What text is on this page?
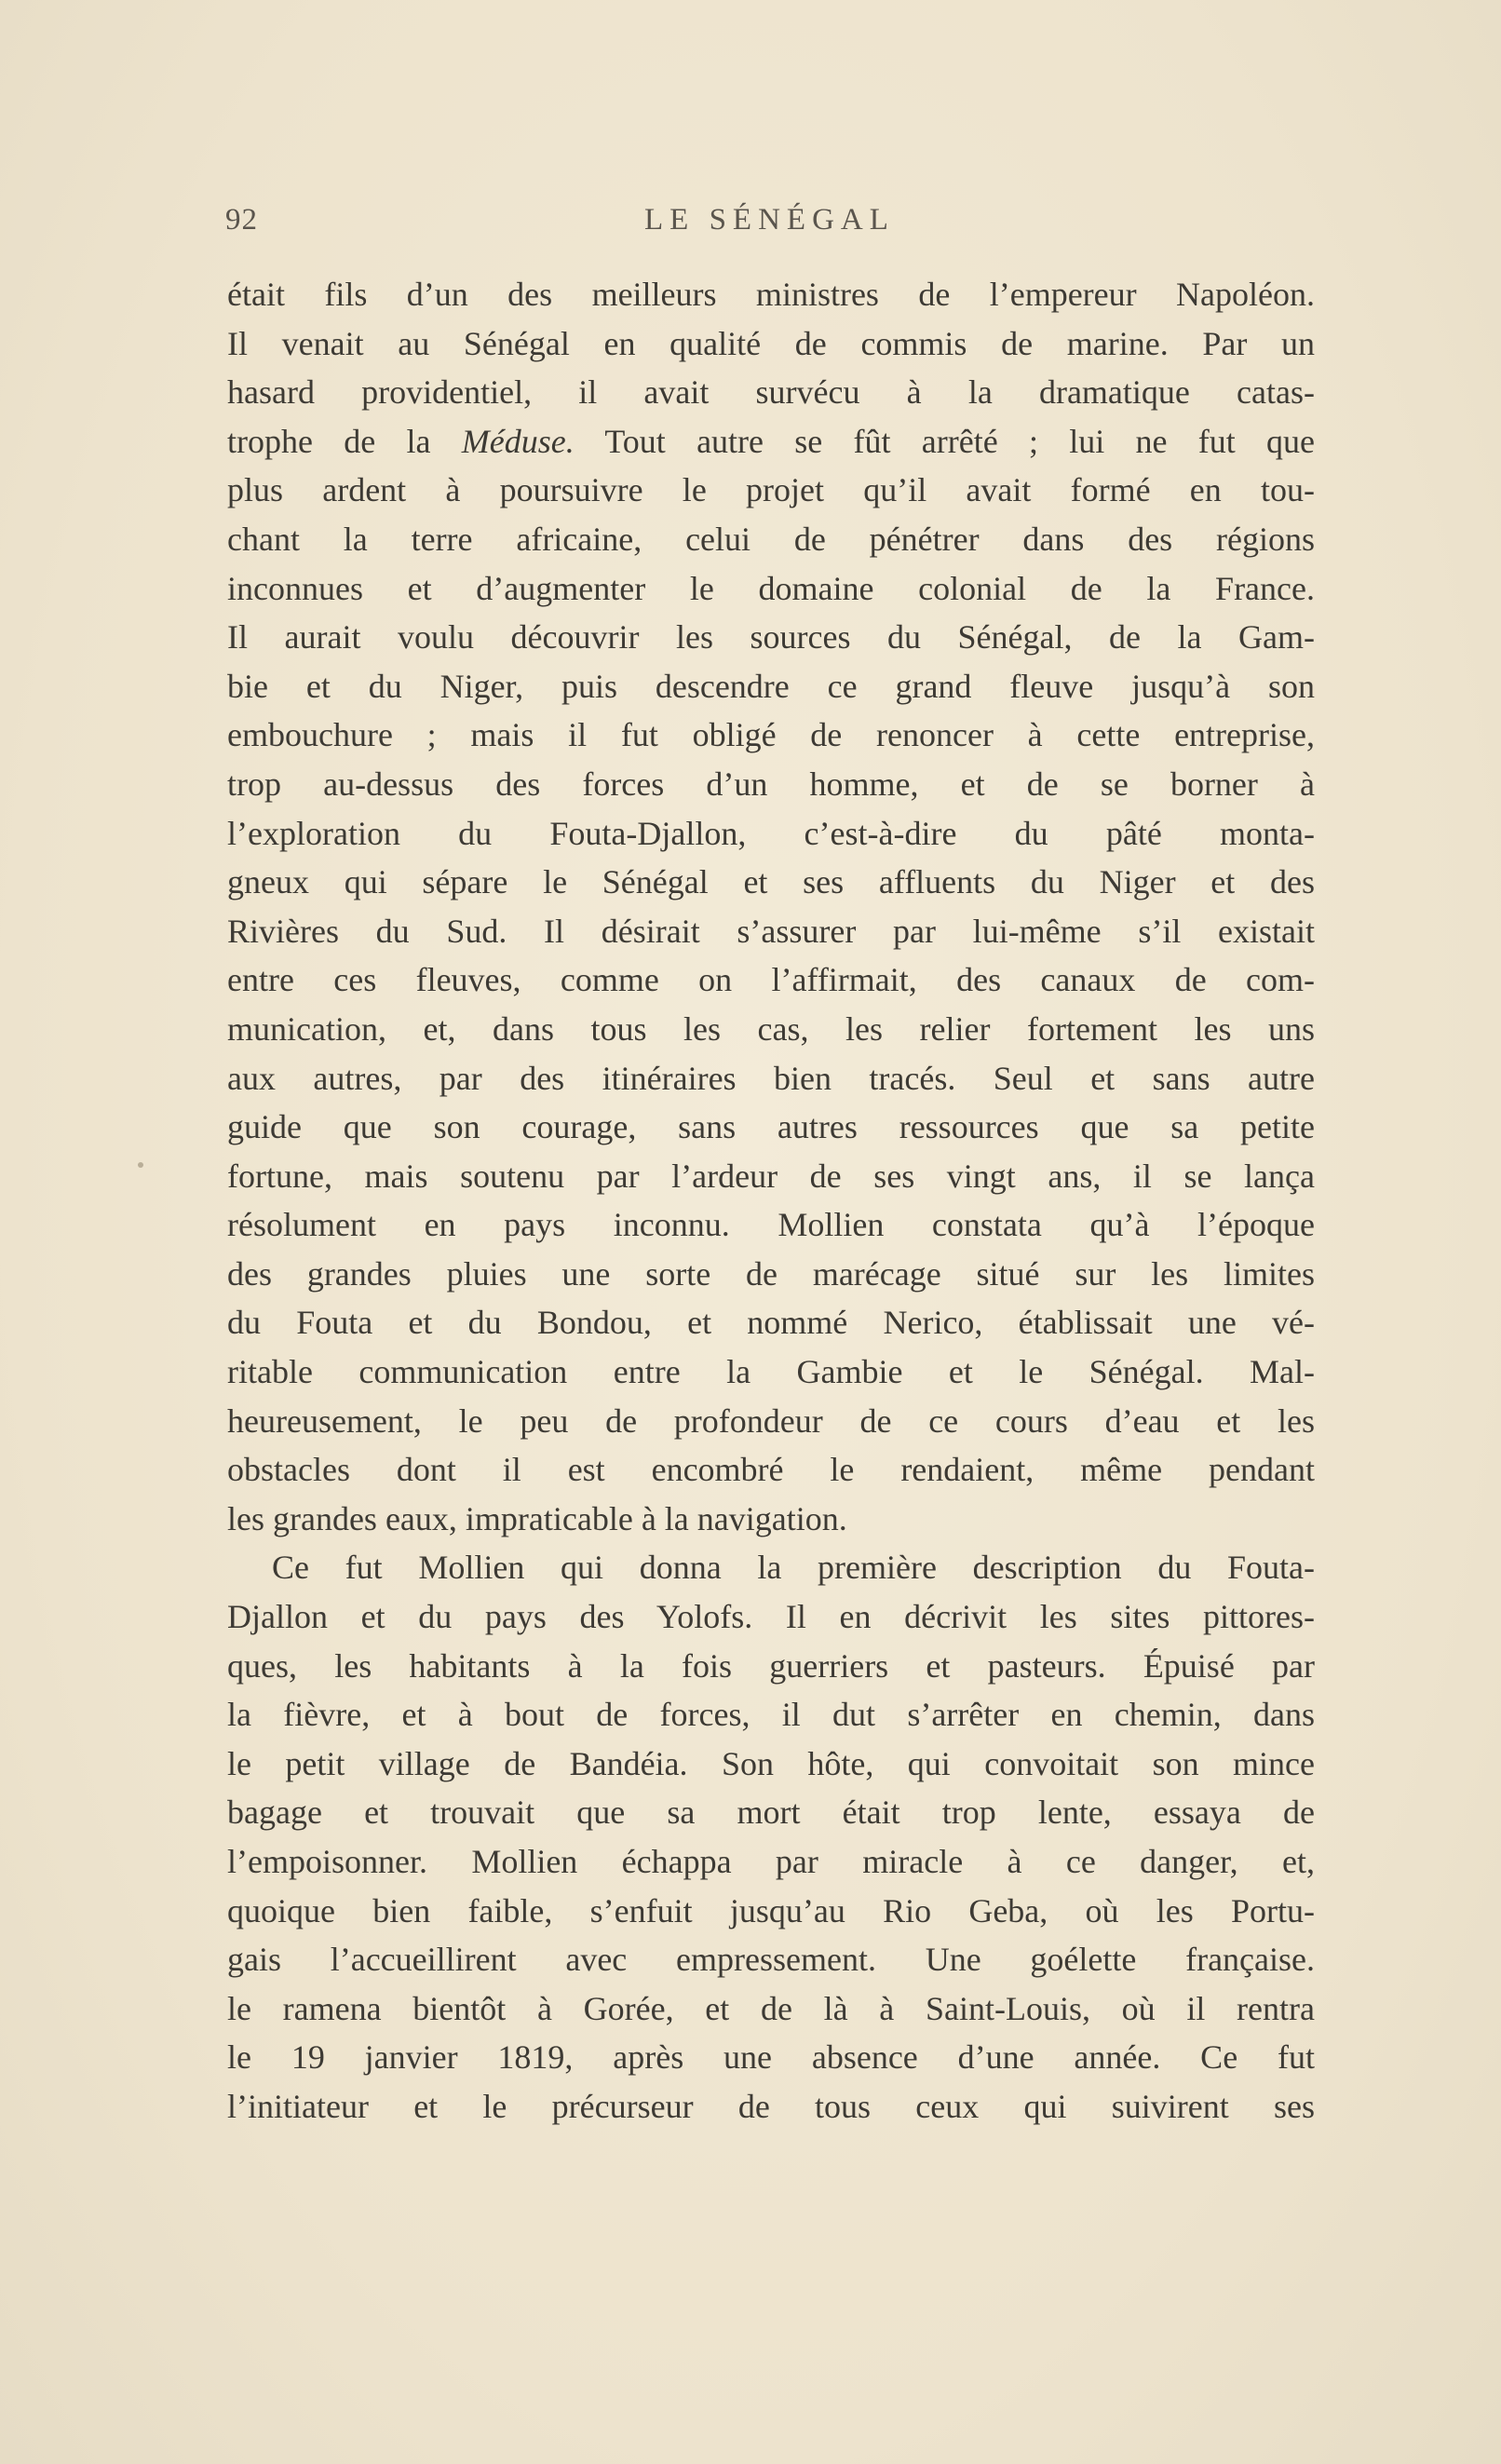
92	LE SÉNÉGAL
était fils d’un des meilleurs ministres de l’empereur Napoléon.
Il venait au Sénégal en qualité de commis de marine. Par un
hasard providentiel, il avait survécu à la dramatique catas-
trophe de la Méduse. Tout autre se fût arrêté ; lui ne fut que
plus ardent à poursuivre le projet qu’il avait formé en tou-
chant la terre africaine, celui de pénétrer dans des régions
inconnues et d’augmenter le domaine colonial de la France.
Il aurait voulu découvrir les sources du Sénégal, de la Gam-
bie et du Niger, puis descendre ce grand fleuve jusqu’à son
embouchure ; mais il fut obligé de renoncer à cette entreprise,
trop au-dessus des forces d’un homme, et de se borner à
l’exploration du Fouta-Djallon, c’est-à-dire du pâté monta-
gneux qui sépare le Sénégal et ses affluents du Niger et des
Rivières du Sud. Il désirait s’assurer par lui-même s’il existait
entre ces fleuves, comme on l’affirmait, des canaux de com-
munication, et, dans tous les cas, les relier fortement les uns
aux autres, par des itinéraires bien tracés. Seul et sans autre
guide que son courage, sans autres ressources que sa petite
fortune, mais soutenu par l’ardeur de ses vingt ans, il se lança
résolument en pays inconnu. Mollien constata qu’à l’époque
des grandes pluies une sorte de marécage situé sur les limites
du Fouta et du Bondou, et nommé Nerico, établissait une vé-
ritable communication entre la Gambie et le Sénégal. Mal-
heureusement, le peu de profondeur de ce cours d’eau et les
obstacles dont il est encombré le rendaient, même pendant
les grandes eaux, impraticable à la navigation.
Ce fut Mollien qui donna la première description du Fouta-
Djallon et du pays des Yolofs. Il en décrivit les sites pittores-
ques, les habitants à la fois guerriers et pasteurs. Épuisé par
la fièvre, et à bout de forces, il dut s’arrêter en chemin, dans
le petit village de Bandéia. Son hôte, qui convoitait son mince
bagage et trouvait que sa mort était trop lente, essaya de
l’empoisonner. Mollien échappa par miracle à ce danger, et,
quoique bien faible, s’enfuit jusqu’au Rio Geba, où les Portu-
gais l’accueillirent avec empressement. Une goélette française.
le ramena bientôt à Gorée, et de là à Saint-Louis, où il rentra
le 19 janvier 1819, après une absence d’une année. Ce fut
l’initiateur et le précurseur de tous ceux qui suivirent ses
